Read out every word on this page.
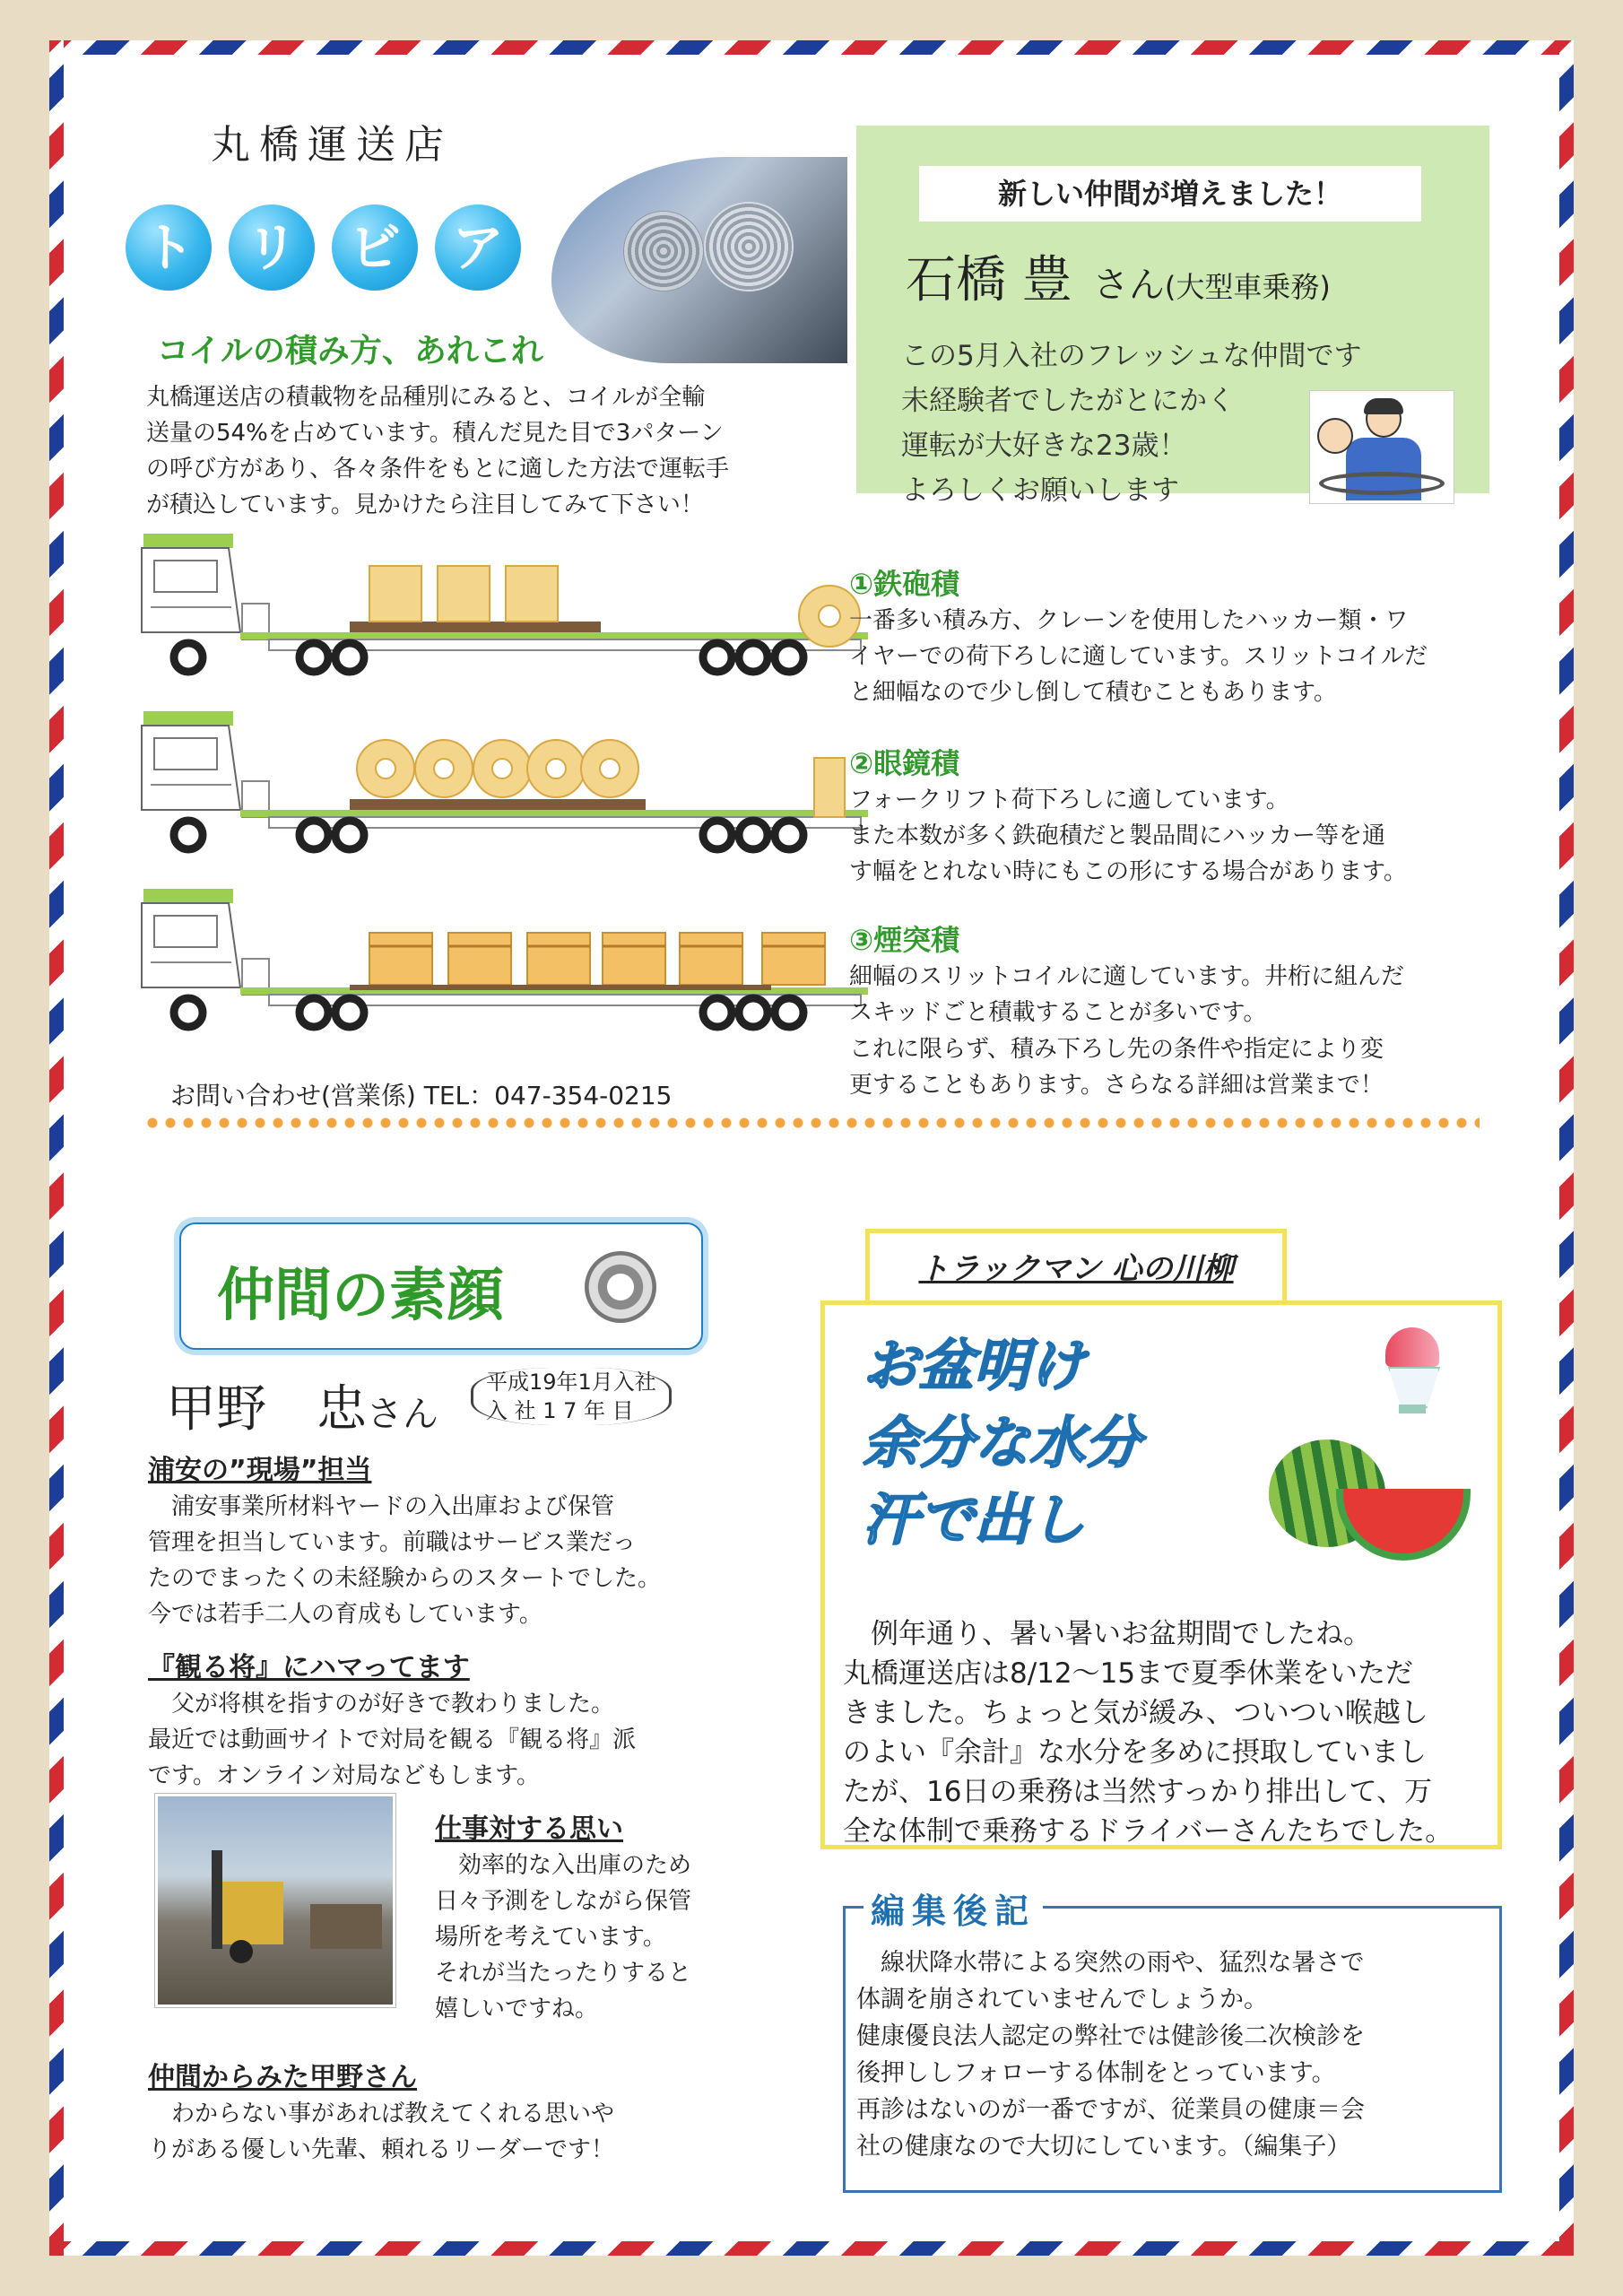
丸橋運送店
ト リ ビ ア
コイルの積み方、あれこれ
丸橋運送店の積載物を品種別にみると、コイルが全輸
送量の54%を占めています。積んだ見た目で3パターン
の呼び方があり、各々条件をもとに適した方法で運転手
が積込しています。見かけたら注目してみて下さい！
新しい仲間が増えました！
石橋 豊 さん(大型車乗務)
この5月入社のフレッシュな仲間です
未経験者でしたがとにかく
運転が大好きな23歳！
よろしくお願いします
お問い合わせ(営業係) TEL：047-354-0215
①鉄砲積
一番多い積み方、クレーンを使用したハッカー類・ワ
イヤーでの荷下ろしに適しています。スリットコイルだ
と細幅なので少し倒して積むこともあります。
②眼鏡積
フォークリフト荷下ろしに適しています。
また本数が多く鉄砲積だと製品間にハッカー等を通
す幅をとれない時にもこの形にする場合があります。
③煙突積
細幅のスリットコイルに適しています。井桁に組んだ
スキッドごと積載することが多いです。
これに限らず、積み下ろし先の条件や指定により変
更することもあります。さらなる詳細は営業まで！
仲間の素顔
甲野　忠さん
平成19年1月入社
入 社 1 7 年 目
浦安の”現場”担当
　浦安事業所材料ヤードの入出庫および保管
管理を担当しています。前職はサービス業だっ
たのでまったくの未経験からのスタートでした。
今では若手二人の育成もしています。
『観る将』にハマってます
　父が将棋を指すのが好きで教わりました。
最近では動画サイトで対局を観る『観る将』派
です。オンライン対局などもします。
仕事対する思い
　効率的な入出庫のため
日々予測をしながら保管
場所を考えています。
それが当たったりすると
嬉しいですね。
仲間からみた甲野さん
　わからない事があれば教えてくれる思いや
りがある優しい先輩、頼れるリーダーです！
トラックマン 心の川柳
お盆明け
余分な水分
汗で出し
　例年通り、暑い暑いお盆期間でしたね。
丸橋運送店は8/12～15まで夏季休業をいただ
きました。ちょっと気が緩み、ついつい喉越し
のよい『余計』な水分を多めに摂取していまし
たが、16日の乗務は当然すっかり排出して、万
全な体制で乗務するドライバーさんたちでした。
編集後記
　線状降水帯による突然の雨や、猛烈な暑さで
体調を崩されていませんでしょうか。
健康優良法人認定の弊社では健診後二次検診を
後押ししフォローする体制をとっています。
再診はないのが一番ですが、従業員の健康＝会
社の健康なので大切にしています。（編集子）
